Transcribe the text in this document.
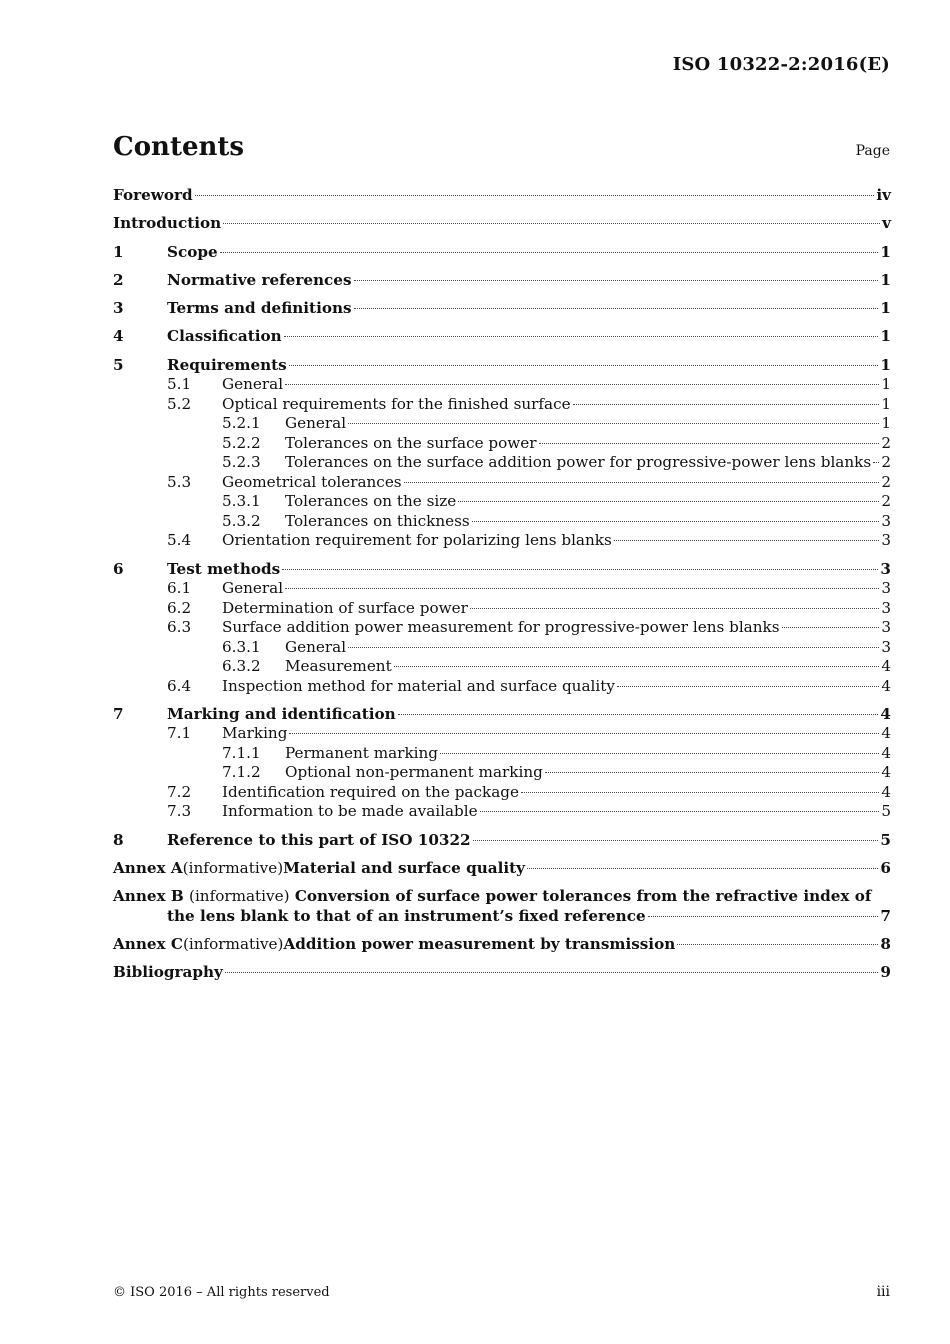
ISO 10322-2:2016(E)
Contents	Page
Foreword	iv
Introduction	v
1	Scope	1
2	Normative references	1
3	Terms and definitions	1
4	Classification	1
5	Requirements	1
5.1	General	1
5.2	Optical requirements for the finished surface	1
5.2.1	General	1
5.2.2	Tolerances on the surface power	2
5.2.3	Tolerances on the surface addition power for progressive-power lens blanks 2
5.3	Geometrical tolerances	2
5.3.1	Tolerances on the size	2
5.3.2	Tolerances on thickness	3
5.4	Orientation requirement for polarizing lens blanks	3
6	Test methods	3
6.1	General	3
6.2	Determination of surface power	3
6.3	Surface addition power measurement for progressive-power lens blanks	3
6.3.1	General	3
6.3.2	Measurement	4
6.4	Inspection method for material and surface quality	4
7	Marking and identification	4
7.1	Marking	4
7.1.1	Permanent marking	4
7.1.2	Optional non-permanent marking	4
7.2	Identification required on the package	4
7.3	Information to be made available	5
8	Reference to this part of ISO 10322	5
Annex A (informative) Material and surface quality	6
Annex B (informative) Conversion of surface power tolerances from the refractive index of
the lens blank to that of an instrument’s fixed reference	7
Annex C (informative) Addition power measurement by transmission	8
Bibliography	9
© ISO 2016 – All rights reserved	iii
